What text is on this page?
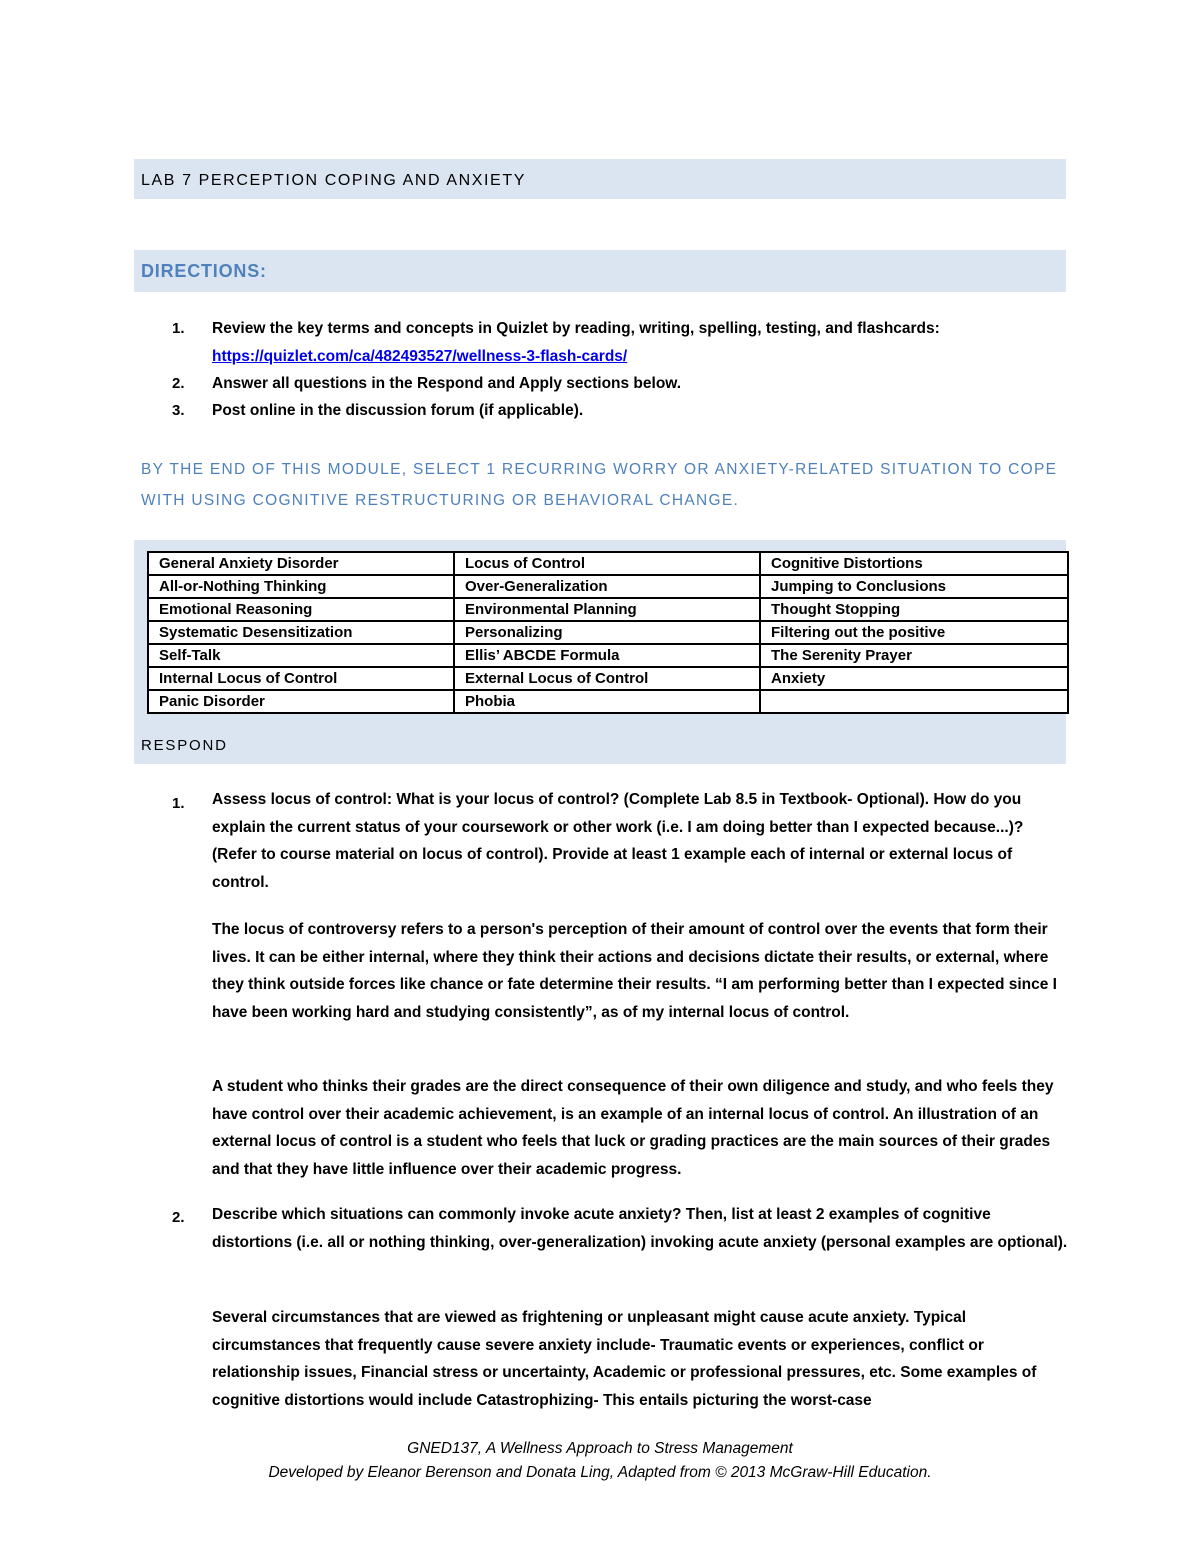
LAB 7 PERCEPTION COPING AND ANXIETY
DIRECTIONS:
1. Review the key terms and concepts in Quizlet by reading, writing, spelling, testing, and flashcards:
https://quizlet.com/ca/482493527/wellness-3-flash-cards/

2. Answer all questions in the Respond and Apply sections below.

3. Post online in the discussion forum (if applicable).

BY THE END OF THIS MODULE, SELECT 1 RECURRING WORRY OR ANXIETY-RELATED SITUATION TO COPE WITH USING COGNITIVE RESTRUCTURING OR BEHAVIORAL CHANGE.
RESPOND
General Anxiety Disorder	Locus of Control	Cognitive Distortions
All-or-Nothing Thinking	Over-Generalization	Jumping to Conclusions
Emotional Reasoning	Environmental Planning	Thought Stopping
Systematic Desensitization	Personalizing	Filtering out the positive
Self-Talk	Ellis’ ABCDE Formula	The Serenity Prayer
Internal Locus of Control	External Locus of Control	Anxiety
Panic Disorder	Phobia	
1. Assess locus of control: What is your locus of control? (Complete Lab 8.5 in Textbook- Optional). How do you explain the current status of your coursework or other work (i.e. I am doing better than I expected because...)? (Refer to course material on locus of control). Provide at least 1 example each of internal or external locus of control.

The locus of controversy refers to a person's perception of their amount of control over the events that form their lives. It can be either internal, where they think their actions and decisions dictate their results, or external, where they think outside forces like chance or fate determine their results. “I am performing better than I expected since I have been working hard and studying consistently”, as of my internal locus of control.

A student who thinks their grades are the direct consequence of their own diligence and study, and who feels they have control over their academic achievement, is an example of an internal locus of control. An illustration of an external locus of control is a student who feels that luck or grading practices are the main sources of their grades and that they have little influence over their academic progress.

2. Describe which situations can commonly invoke acute anxiety? Then, list at least 2 examples of cognitive distortions (i.e. all or nothing thinking, over-generalization) invoking acute anxiety (personal examples are optional).

Several circumstances that are viewed as frightening or unpleasant might cause acute anxiety. Typical circumstances that frequently cause severe anxiety include- Traumatic events or experiences, conflict or relationship issues, Financial stress or uncertainty, Academic or professional pressures, etc. Some examples of cognitive distortions would include Catastrophizing- This entails picturing the worst-case

GNED137, A Wellness Approach to Stress Management
Developed by Eleanor Berenson and Donata Ling, Adapted from © 2013 McGraw-Hill Education.
